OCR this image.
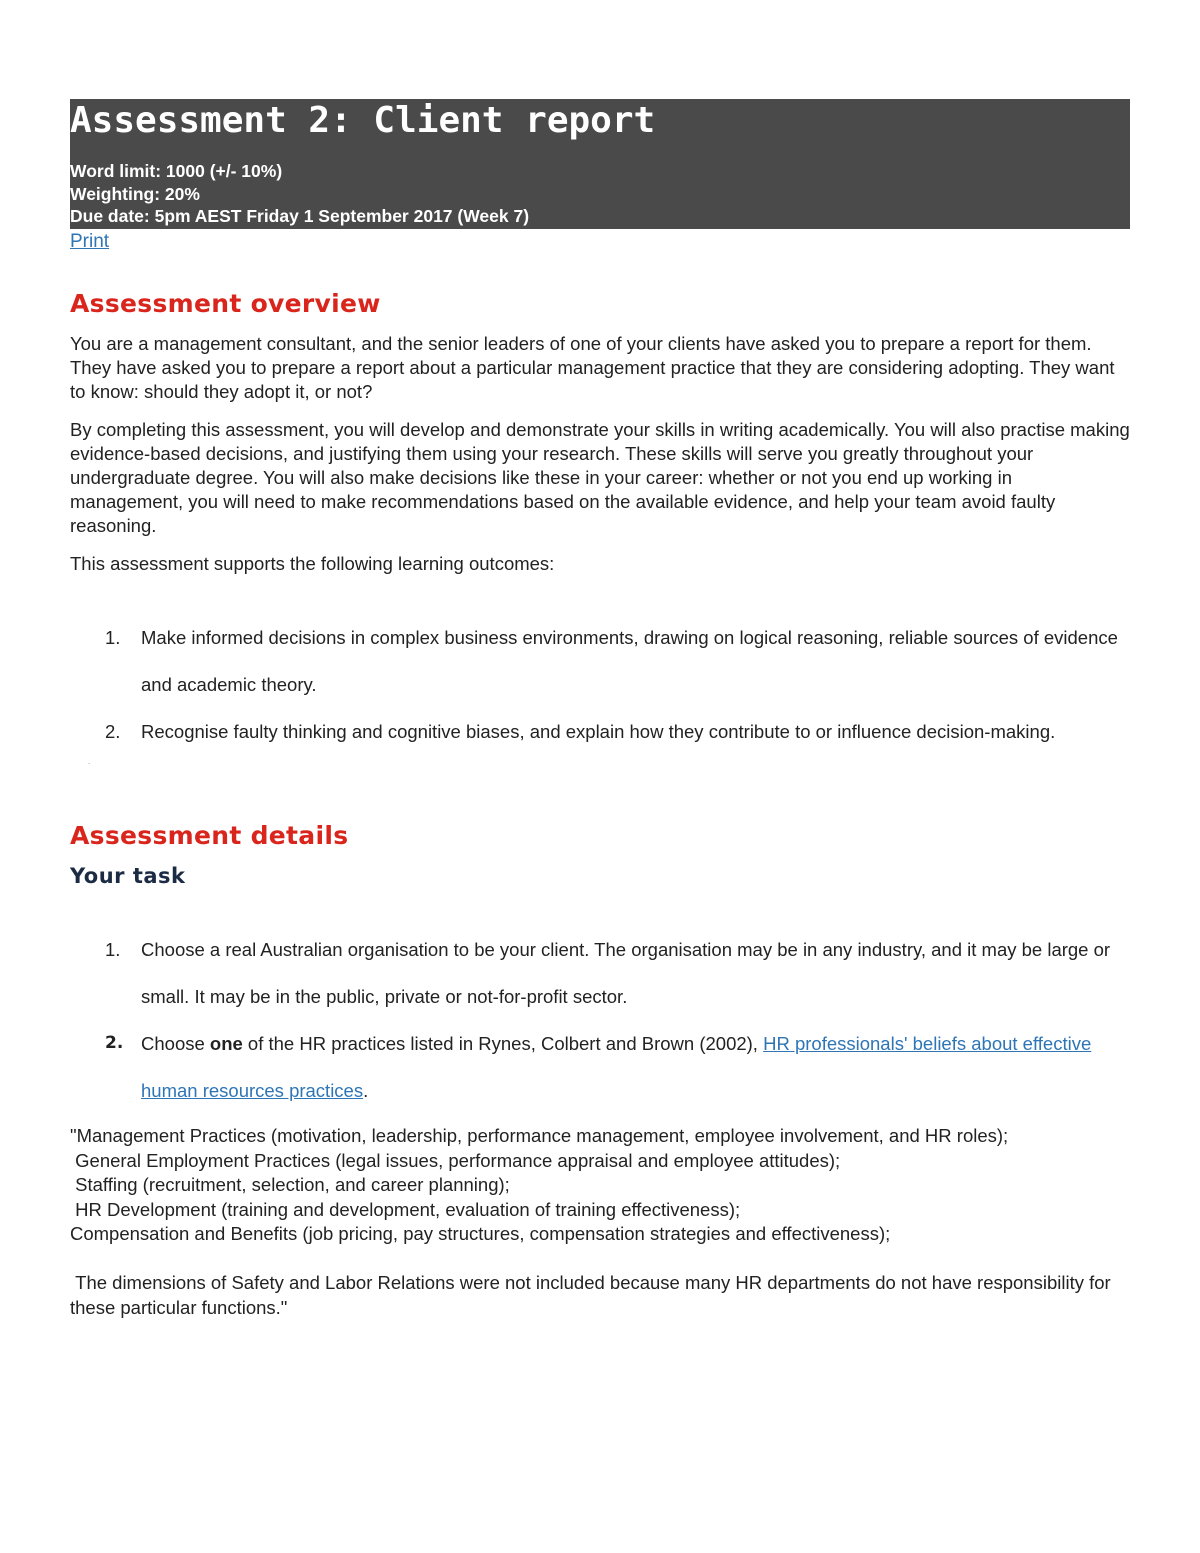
Assessment 2: Client report
Word limit: 1000 (+/- 10%)
Weighting: 20%
Due date: 5pm AEST Friday 1 September 2017 (Week 7)
Print
Assessment overview

You are a management consultant, and the senior leaders of one of your clients have asked you to prepare a report for them. They have asked you to prepare a report about a particular management practice that they are considering adopting. They want to know: should they adopt it, or not?

By completing this assessment, you will develop and demonstrate your skills in writing academically. You will also practise making evidence-based decisions, and justifying them using your research. These skills will serve you greatly throughout your undergraduate degree. You will also make decisions like these in your career: whether or not you end up working in management, you will need to make recommendations based on the available evidence, and help your team avoid faulty reasoning.

This assessment supports the following learning outcomes:

1. Make informed decisions in complex business environments, drawing on logical reasoning, reliable sources of evidence and academic theory.
2. Recognise faulty thinking and cognitive biases, and explain how they contribute to or influence decision-making.
.
Assessment details
Your task
1. Choose a real Australian organisation to be your client. The organisation may be in any industry, and it may be large or small. It may be in the public, private or not-for-profit sector.
2. Choose one of the HR practices listed in Rynes, Colbert and Brown (2002), HR professionals' beliefs about effective human resources practices.
"Management Practices (motivation, leadership, performance management, employee involvement, and HR roles);
General Employment Practices (legal issues, performance appraisal and employee attitudes);
Staffing (recruitment, selection, and career planning);
HR Development (training and development, evaluation of training effectiveness);
Compensation and Benefits (job pricing, pay structures, compensation strategies and effectiveness);
The dimensions of Safety and Labor Relations were not included because many HR departments do not have responsibility for these particular functions."
